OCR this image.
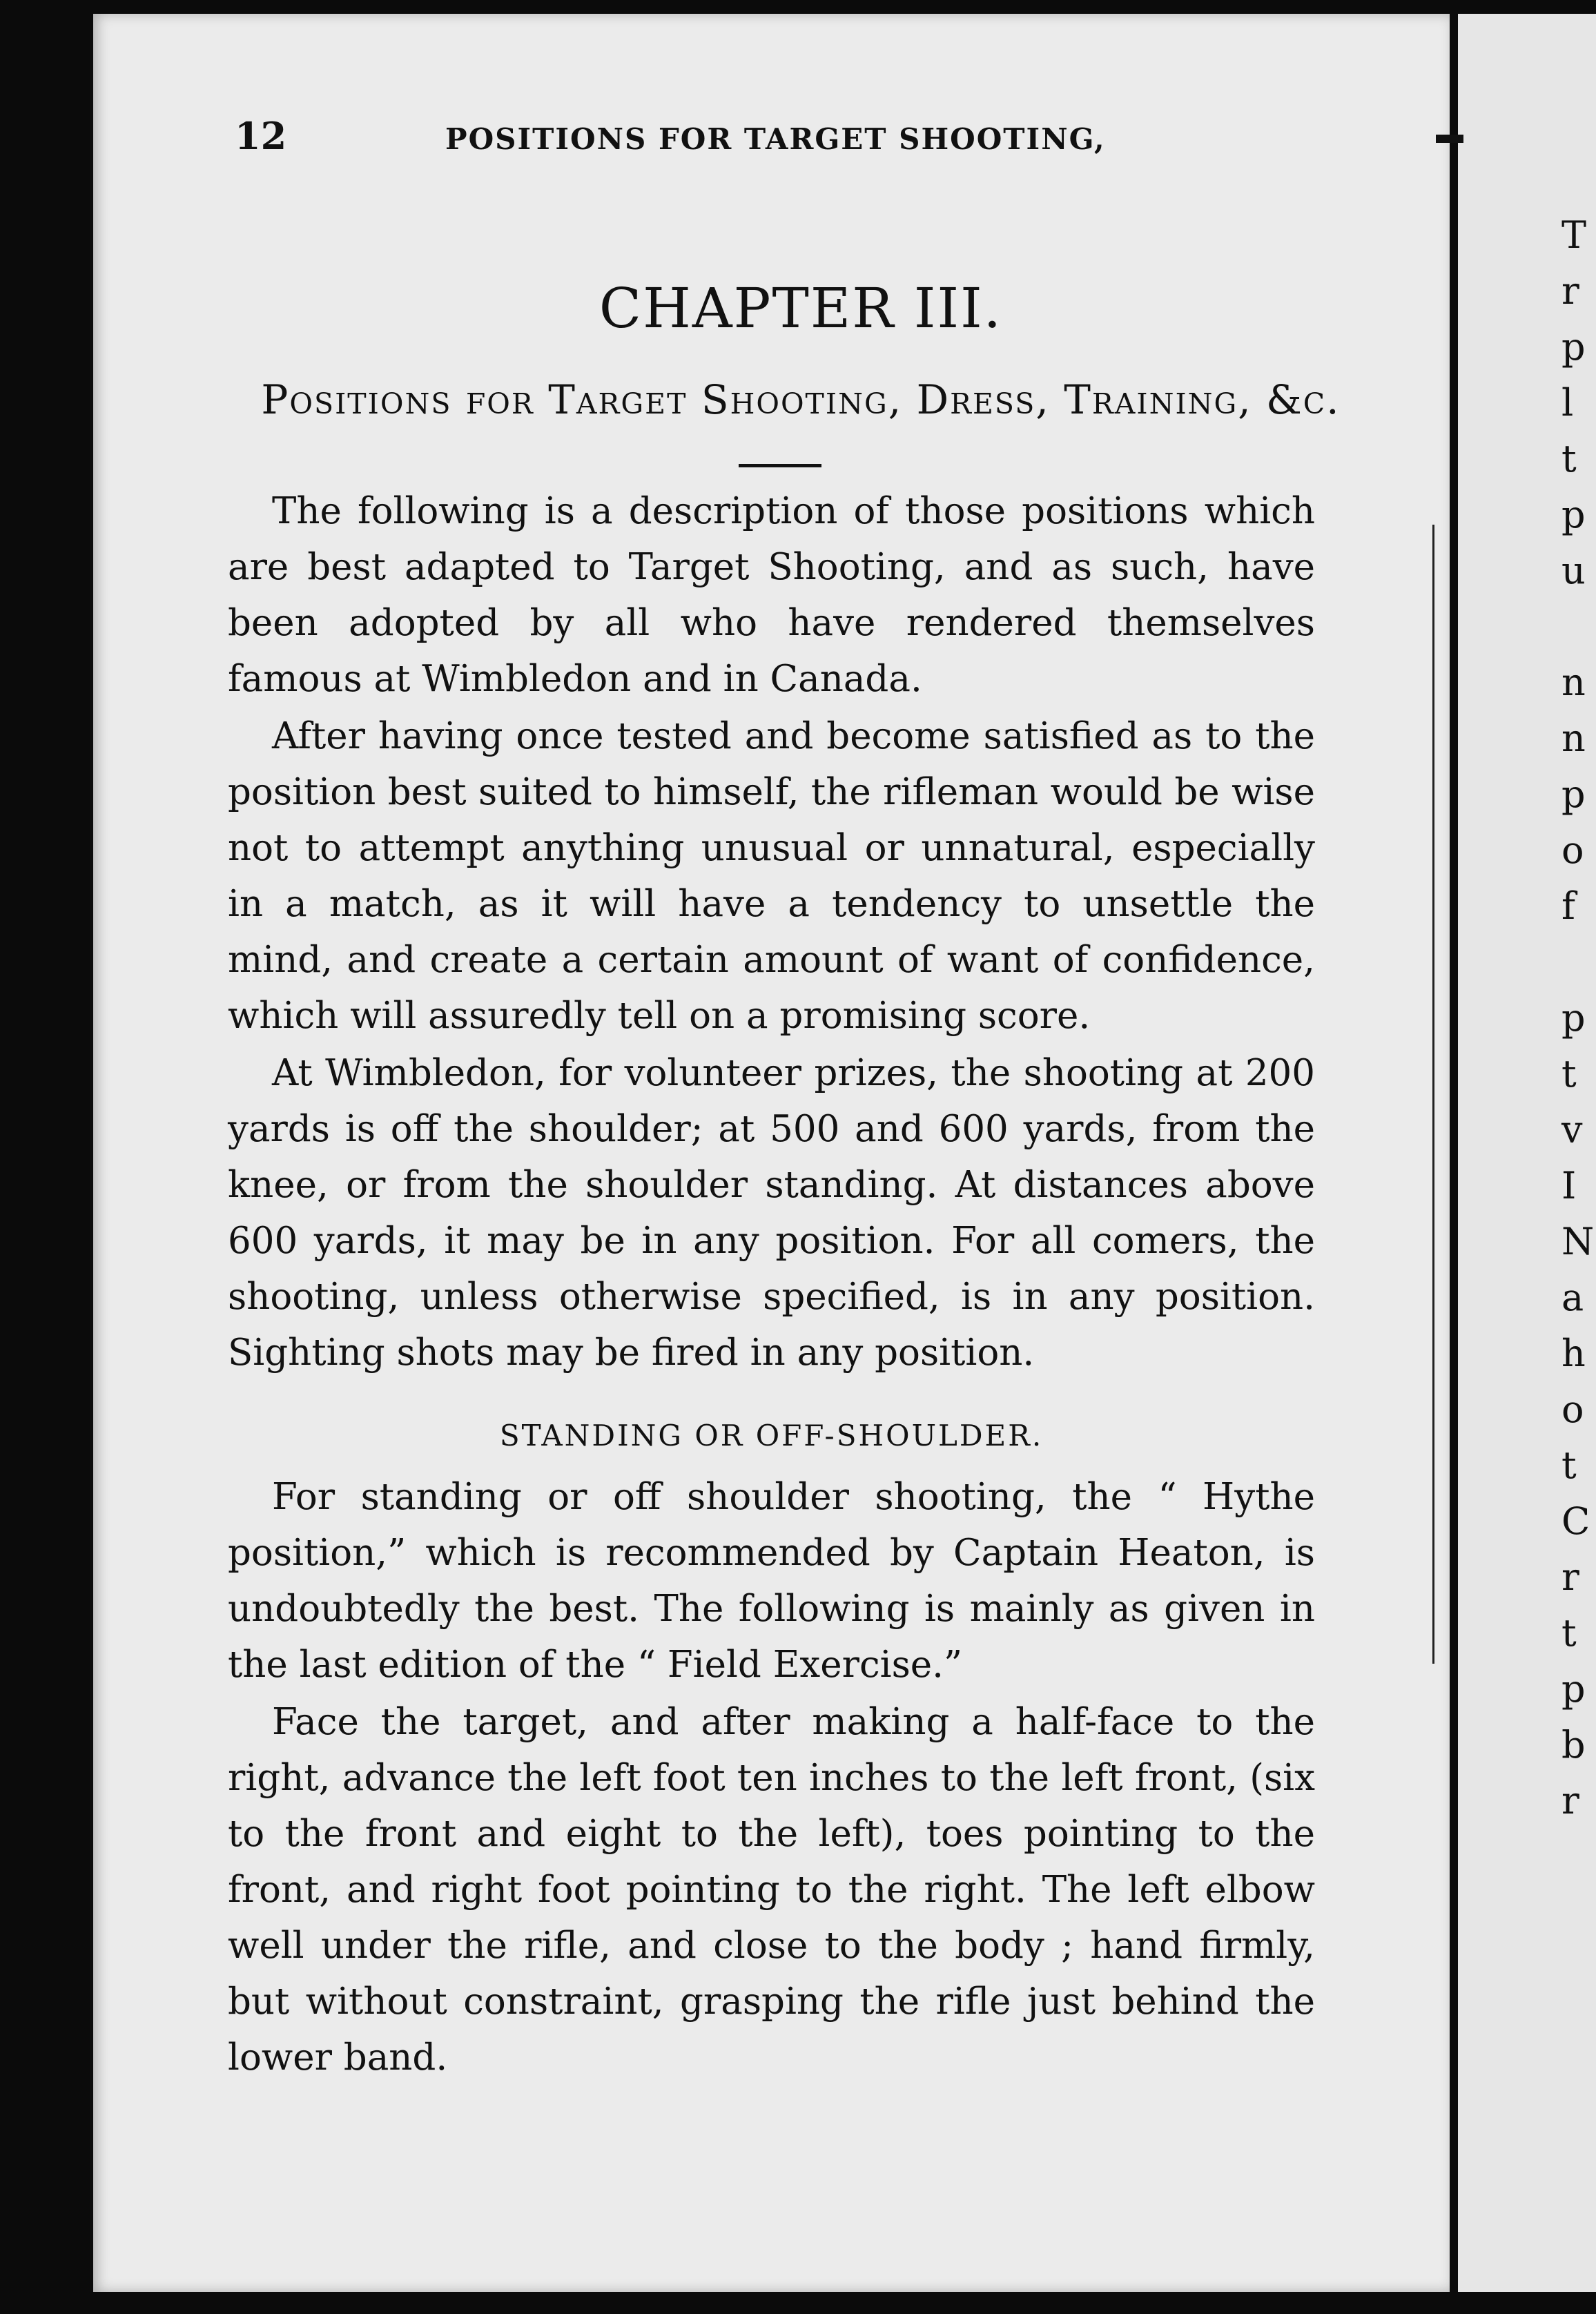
12	POSITIONS FOR TARGET SHOOTING,
CHAPTER III.
Positions for Target Shooting, Dress, Training, &c.

The following is a description of those positions which are best adapted to Target Shooting, and as such, have been adopted by all who have rendered themselves famous at Wimbledon and in Canada.

After having once tested and become satisfied as to the position best suited to himself, the rifleman would be wise not to attempt anything unusual or unnatural, especially in a match, as it will have a tendency to unsettle the mind, and create a certain amount of want of confidence, which will assuredly tell on a promising score.

At Wimbledon, for volunteer prizes, the shooting at 200 yards is off the shoulder; at 500 and 600 yards, from the knee, or from the shoulder standing. At distances above 600 yards, it may be in any position. For all comers, the shooting, unless otherwise specified, is in any position. Sighting shots may be fired in any position.

STANDING OR OFF-SHOULDER.

For standing or off shoulder shooting, the “ Hythe position,” which is recommended by Captain Heaton, is undoubtedly the best. The following is mainly as given in the last edition of the “ Field Exercise.”

Face the target, and after making a half-face to the right, advance the left foot ten inches to the left front, (six to the front and eight to the left), toes pointing to the front, and right foot pointing to the right. The left elbow well under the rifle, and close to the body ; hand firmly, but without constraint, grasping the rifle just behind the lower band.

T
r
p
l
t
p
u
n
n
p
o
f
p
t
v
I
N
a
h
o
t
C
r
t
p
b
r
